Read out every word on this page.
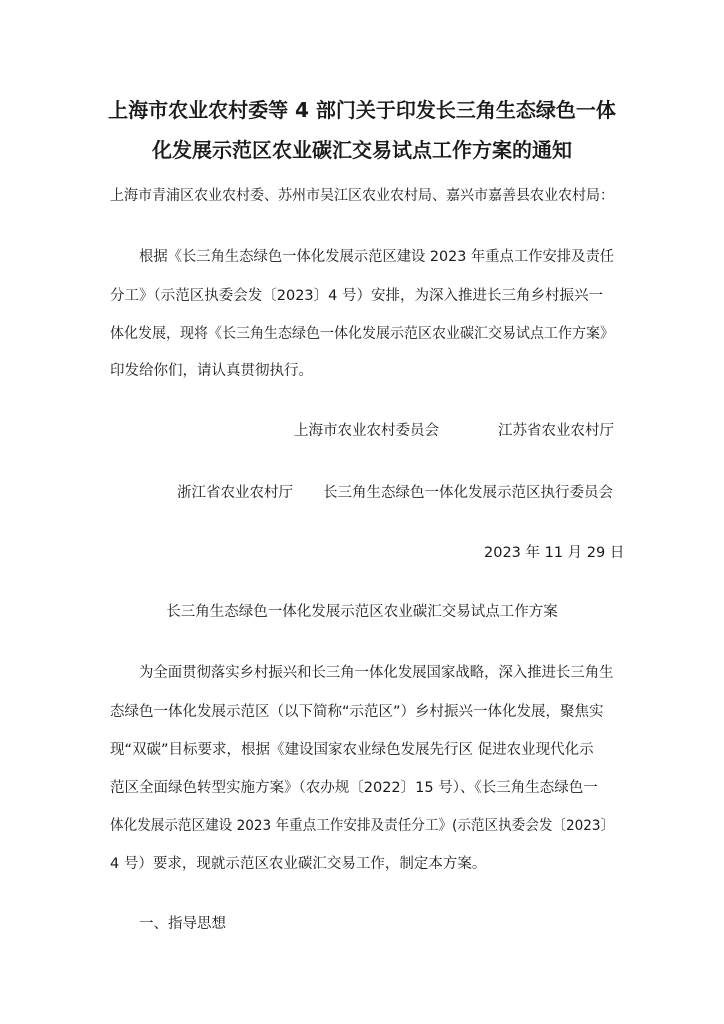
上海市农业农村委等 4 部门关于印发长三角生态绿色一体
化发展示范区农业碳汇交易试点工作方案的通知

上海市青浦区农业农村委、苏州市吴江区农业农村局、嘉兴市嘉善县农业农村局：

根据《长三角生态绿色一体化发展示范区建设 2023 年重点工作安排及责任

分工》（示范区执委会发〔2023〕4 号）安排，为深入推进长三角乡村振兴一

体化发展，现将《长三角生态绿色一体化发展示范区农业碳汇交易试点工作方案》

印发给你们，请认真贯彻执行。

上海市农业农村委员会	江苏省农业农村厅
浙江省农业农村厅 长三角生态绿色一体化发展示范区执行委员会
2023 年 11 月 29 日
长三角生态绿色一体化发展示范区农业碳汇交易试点工作方案

为全面贯彻落实乡村振兴和长三角一体化发展国家战略，深入推进长三角生

态绿色一体化发展示范区（以下简称“示范区”）乡村振兴一体化发展，聚焦实

现“双碳”目标要求，根据《建设国家农业绿色发展先行区 促进农业现代化示

范区全面绿色转型实施方案》（农办规〔2022〕15 号）、《长三角生态绿色一

体化发展示范区建设 2023 年重点工作安排及责任分工》(示范区执委会发〔2023〕

4 号）要求，现就示范区农业碳汇交易工作，制定本方案。

一、指导思想
